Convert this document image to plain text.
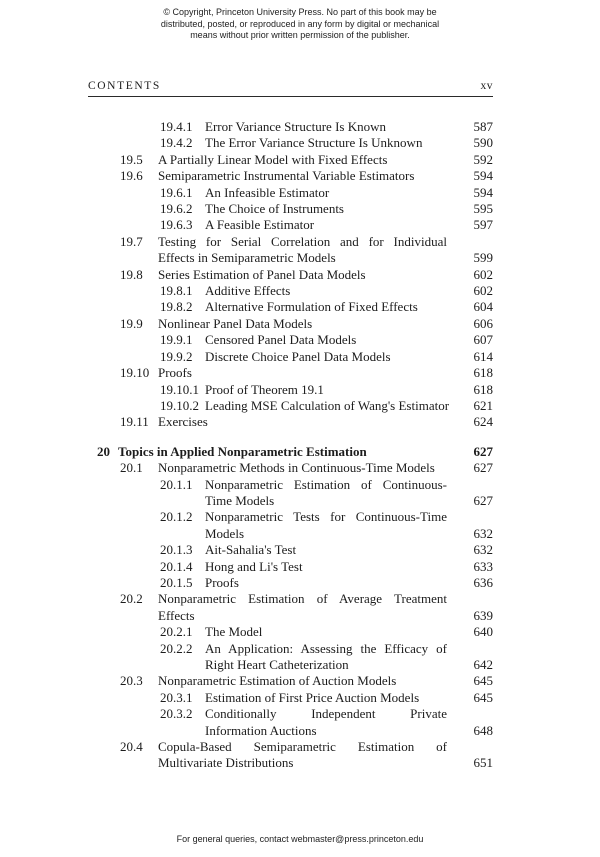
© Copyright, Princeton University Press. No part of this book may be
distributed, posted, or reproduced in any form by digital or mechanical
means without prior written permission of the publisher.
CONTENTS	xv
19.4.1 Error Variance Structure Is Known	587
19.4.2 The Error Variance Structure Is Unknown	590
19.5 A Partially Linear Model with Fixed Effects	592
19.6 Semiparametric Instrumental Variable Estimators	594
19.6.1 An Infeasible Estimator	594
19.6.2 The Choice of Instruments	595
19.6.3 A Feasible Estimator	597
19.7 Testing for Serial Correlation and for Individual
Effects in Semiparametric Models	599
19.8 Series Estimation of Panel Data Models	602
19.8.1 Additive Effects	602
19.8.2 Alternative Formulation of Fixed Effects	604
19.9 Nonlinear Panel Data Models	606
19.9.1 Censored Panel Data Models	607
19.9.2 Discrete Choice Panel Data Models	614
19.10 Proofs	618
19.10.1 Proof of Theorem 19.1	618
19.10.2 Leading MSE Calculation of Wang's Estimator	621
19.11 Exercises	624
20 Topics in Applied Nonparametric Estimation	627
20.1 Nonparametric Methods in Continuous-Time Models	627
20.1.1 Nonparametric Estimation of Continuous-
Time Models	627
20.1.2 Nonparametric Tests for Continuous-Time
Models	632
20.1.3 Ait-Sahalia's Test	632
20.1.4 Hong and Li's Test	633
20.1.5 Proofs	636
20.2 Nonparametric Estimation of Average Treatment
Effects	639
20.2.1 The Model	640
20.2.2 An Application: Assessing the Efficacy of
Right Heart Catheterization	642
20.3 Nonparametric Estimation of Auction Models	645
20.3.1 Estimation of First Price Auction Models	645
20.3.2 Conditionally Independent Private
Information Auctions	648
20.4 Copula-Based Semiparametric Estimation of
Multivariate Distributions	651
For general queries, contact webmaster@press.princeton.edu
